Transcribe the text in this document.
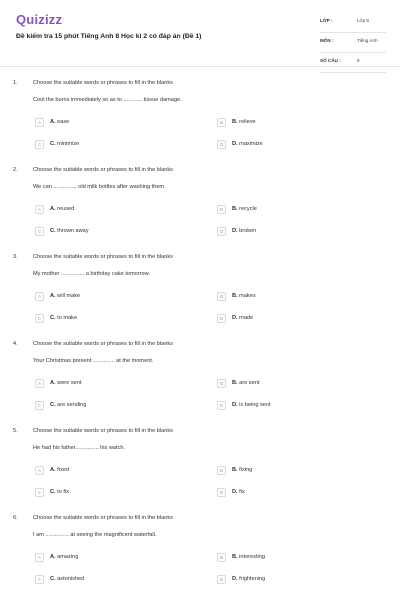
Quizizz
Đề kiểm tra 15 phút Tiếng Anh 8 Học kì 2 có đáp án (Đề 1)
LỚP :	Lớp 8
MÔN :	Tiếng Anh
SỐ CÂU :	8
1.	Choose the suitable words or phrases to fill in the blanks
Cool the burns immediately so as to ............ tissue damage.
A	A. ease	B	B. relieve
C	C. minimize	D	D. maximize
2.	Choose the suitable words or phrases to fill in the blanks
We can ............... old milk bottles after washing them.
A	A. reused	B	B. recycle
C	C. thrown away	D	D. broken
3.	Choose the suitable words or phrases to fill in the blanks
My mother ............... a birthday cake tomorrow.
A	A. will make	B	B. makes
C	C. to make	D	D. made
4.	Choose the suitable words or phrases to fill in the blanks
Your Christmas present .............. at the moment.
A	A. were sent	B	B. are sent
C	C. are sending	D	D. is being sent
5.	Choose the suitable words or phrases to fill in the blanks
He had his father............... his watch.
A	A. fixed	B	B. fixing
C	C. to fix	D	D. fix
6.	Choose the suitable words or phrases to fill in the blanks
I am ............... at seeing the magnificent waterfall.
A	A. amazing	B	B. interesting
C	C. astonished	D	D. frightening
